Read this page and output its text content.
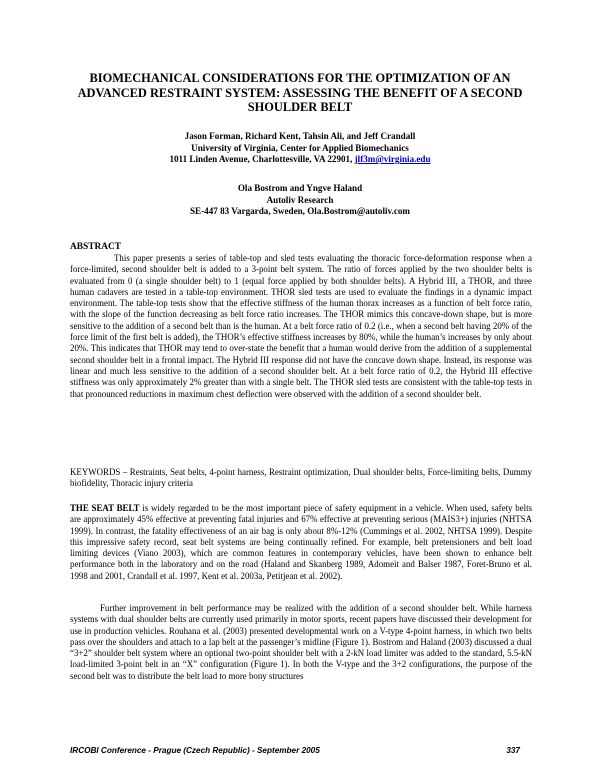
BIOMECHANICAL CONSIDERATIONS FOR THE OPTIMIZATION OF AN ADVANCED RESTRAINT SYSTEM: ASSESSING THE BENEFIT OF A SECOND SHOULDER BELT
Jason Forman, Richard Kent, Tahsin Ali, and Jeff Crandall
University of Virginia, Center for Applied Biomechanics
1011 Linden Avenue, Charlottesville, VA 22901, jlf3m@virginia.edu
Ola Bostrom and Yngve Haland
Autoliv Research
SE-447 83 Vargarda, Sweden, Ola.Bostrom@autoliv.com
ABSTRACT
This paper presents a series of table-top and sled tests evaluating the thoracic force-deformation response when a force-limited, second shoulder belt is added to a 3-point belt system. The ratio of forces applied by the two shoulder belts is evaluated from 0 (a single shoulder belt) to 1 (equal force applied by both shoulder belts). A Hybrid III, a THOR, and three human cadavers are tested in a table-top environment. THOR sled tests are used to evaluate the findings in a dynamic impact environment. The table-top tests show that the effective stiffness of the human thorax increases as a function of belt force ratio, with the slope of the function decreasing as belt force ratio increases. The THOR mimics this concave-down shape, but is more sensitive to the addition of a second belt than is the human. At a belt force ratio of 0.2 (i.e., when a second belt having 20% of the force limit of the first belt is added), the THOR’s effective stiffness increases by 80%, while the human’s increases by only about 20%. This indicates that THOR may tend to over-state the benefit that a human would derive from the addition of a supplemental second shoulder belt in a frontal impact. The Hybrid III response did not have the concave down shape. Instead, its response was linear and much less sensitive to the addition of a second shoulder belt. At a belt force ratio of 0.2, the Hybrid III effective stiffness was only approximately 2% greater than with a single belt. The THOR sled tests are consistent with the table-top tests in that pronounced reductions in maximum chest deflection were observed with the addition of a second shoulder belt.
KEYWORDS – Restraints, Seat belts, 4-point harness, Restraint optimization, Dual shoulder belts, Force-limiting belts, Dummy biofidelity, Thoracic injury criteria
THE SEAT BELT is widely regarded to be the most important piece of safety equipment in a vehicle. When used, safety belts are approximately 45% effective at preventing fatal injuries and 67% effective at preventing serious (MAIS3+) injuries (NHTSA 1999). In contrast, the fatality effectiveness of an air bag is only about 8%-12% (Cummings et al. 2002, NHTSA 1999). Despite this impressive safety record, seat belt systems are being continually refined. For example, belt pretensioners and belt load limiting devices (Viano 2003), which are common features in contemporary vehicles, have been shown to enhance belt performance both in the laboratory and on the road (Haland and Skanberg 1989, Adomeit and Balser 1987, Foret-Bruno et al. 1998 and 2001, Crandall et al. 1997, Kent et al. 2003a, Petitjean et al. 2002).
Further improvement in belt performance may be realized with the addition of a second shoulder belt. While harness systems with dual shoulder belts are currently used primarily in motor sports, recent papers have discussed their development for use in production vehicles. Rouhana et al. (2003) presented developmental work on a V-type 4-point harness, in which two belts pass over the shoulders and attach to a lap belt at the passenger’s midline (Figure 1). Bostrom and Haland (2003) discussed a dual “3+2” shoulder belt system where an optional two-point shoulder belt with a 2-kN load limiter was added to the standard, 5.5-kN load-limited 3-point belt in an “X” configuration (Figure 1). In both the V-type and the 3+2 configurations, the purpose of the second belt was to distribute the belt load to more bony structures
IRCOBI Conference - Prague (Czech Republic) - September 2005	337
